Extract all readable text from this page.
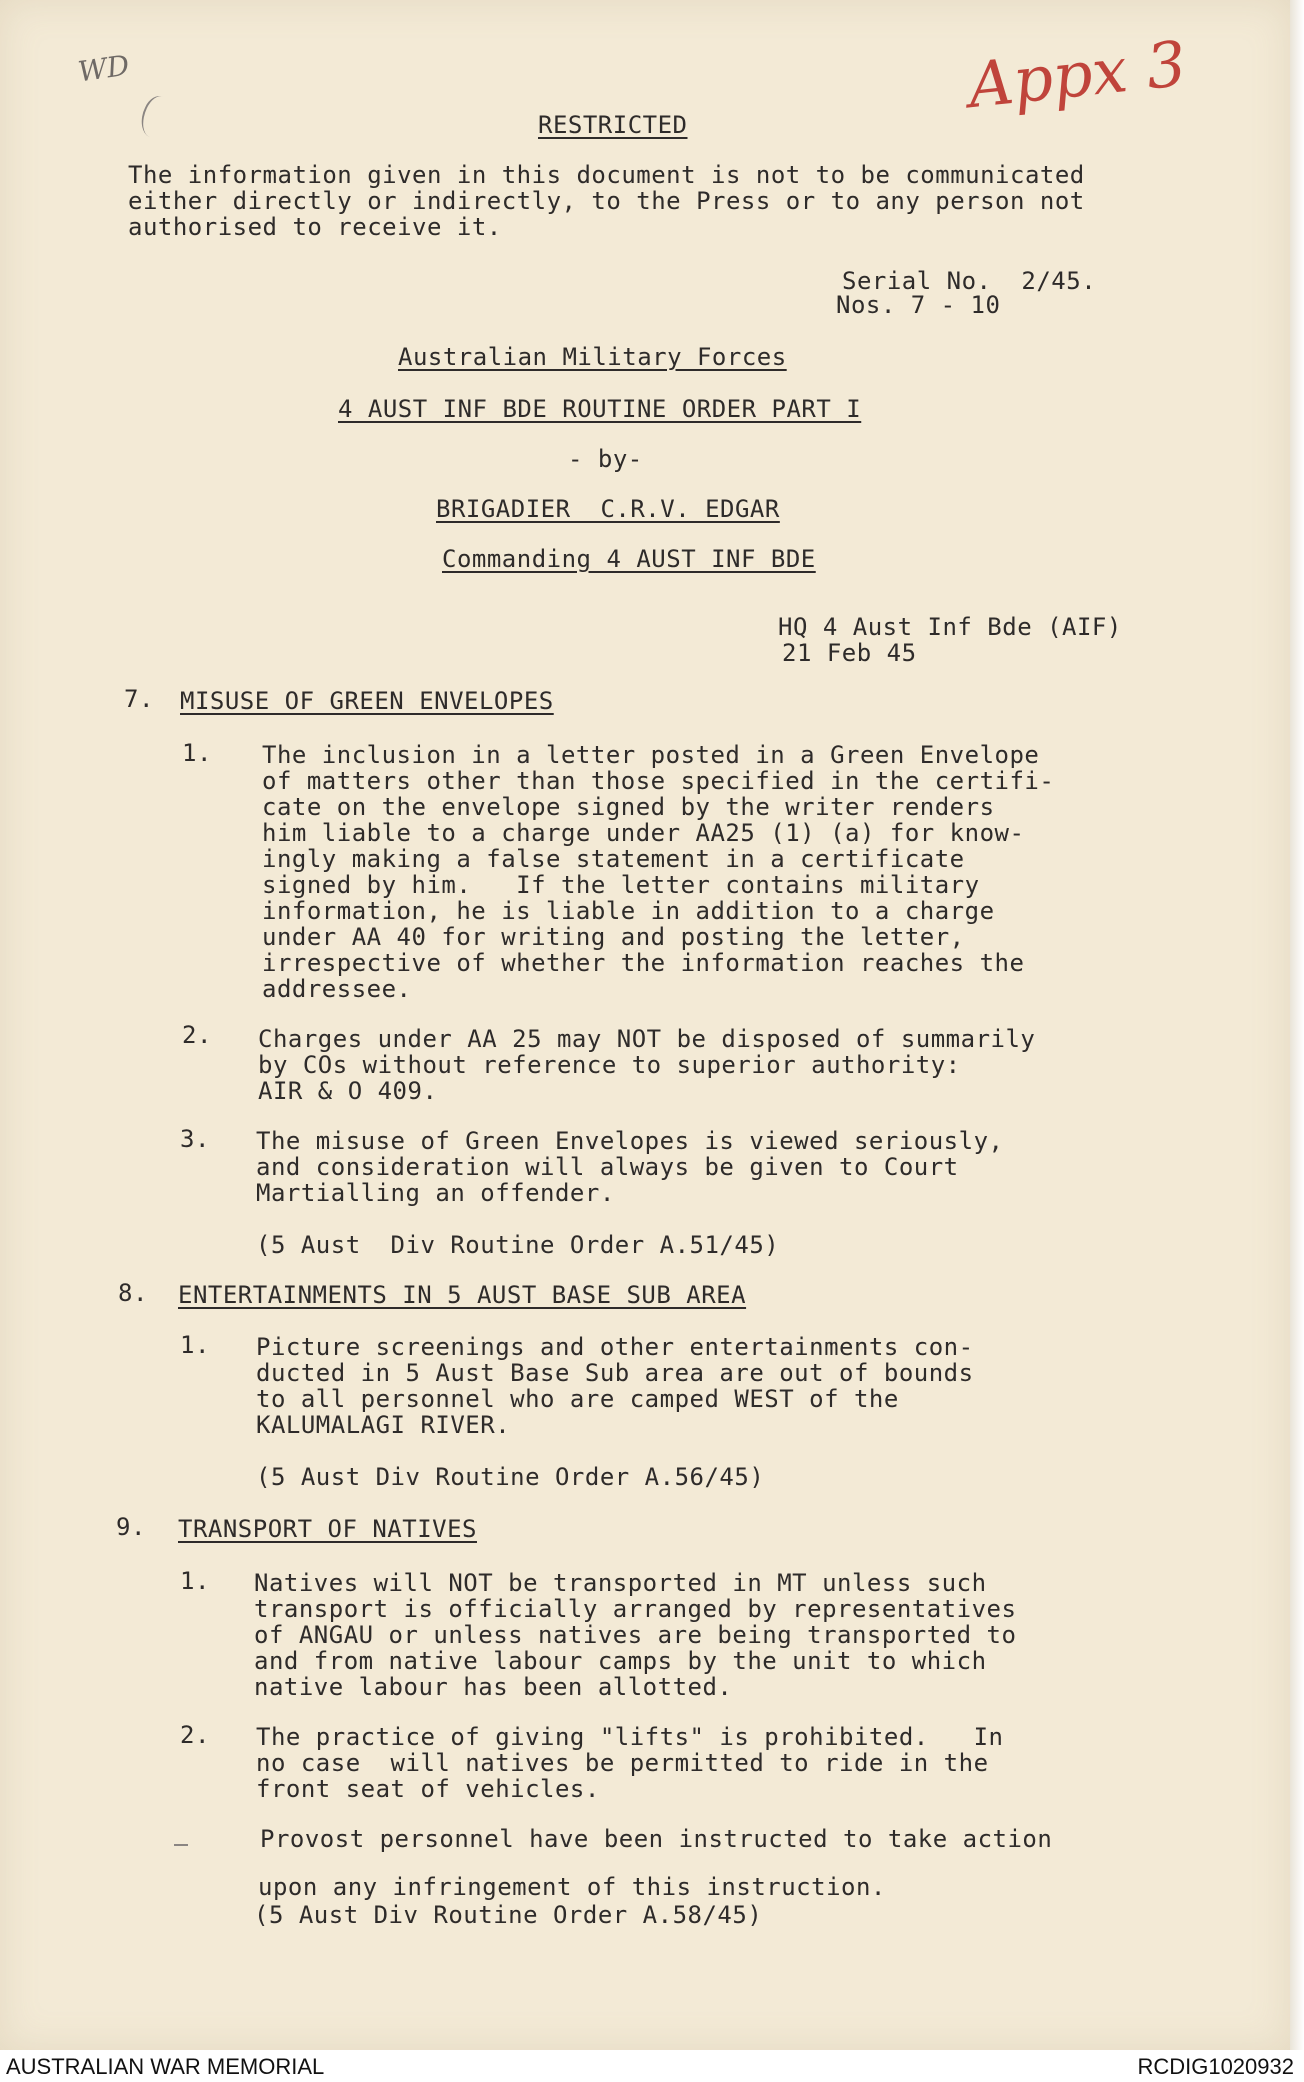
WD	Appx 3
RESTRICTED
The information given in this document is not to be communicated
either directly or indirectly, to the Press or to any person not
authorised to receive it.
Serial No.  2/45.
Nos. 7 - 10
Australian Military Forces
4 AUST INF BDE ROUTINE ORDER PART I
- by-
BRIGADIER  C.R.V. EDGAR
Commanding 4 AUST INF BDE
HQ 4 Aust Inf Bde (AIF)
21 Feb 45
7. MISUSE OF GREEN ENVELOPES
1. The inclusion in a letter posted in a Green Envelope
of matters other than those specified in the certifi-
cate on the envelope signed by the writer renders
him liable to a charge under AA25 (1) (a) for know-
ingly making a false statement in a certificate
signed by him.   If the letter contains military
information, he is liable in addition to a charge
under AA 40 for writing and posting the letter,
irrespective of whether the information reaches the
addressee.
2. Charges under AA 25 may NOT be disposed of summarily
by COs without reference to superior authority:
AIR & O 409.
3. The misuse of Green Envelopes is viewed seriously,
and consideration will always be given to Court
Martialling an offender.
(5 Aust  Div Routine Order A.51/45)
8. ENTERTAINMENTS IN 5 AUST BASE SUB AREA
1. Picture screenings and other entertainments con-
ducted in 5 Aust Base Sub area are out of bounds
to all personnel who are camped WEST of the
KALUMALAGI RIVER.
(5 Aust Div Routine Order A.56/45)
9. TRANSPORT OF NATIVES
1. Natives will NOT be transported in MT unless such
transport is officially arranged by representatives
of ANGAU or unless natives are being transported to
and from native labour camps by the unit to which
native labour has been allotted.
2. The practice of giving "lifts" is prohibited.   In
no case  will natives be permitted to ride in the
front seat of vehicles.
Provost personnel have been instructed to take action
upon any infringement of this instruction.
(5 Aust Div Routine Order A.58/45)
AUSTRALIAN WAR MEMORIAL	RCDIG1020932
